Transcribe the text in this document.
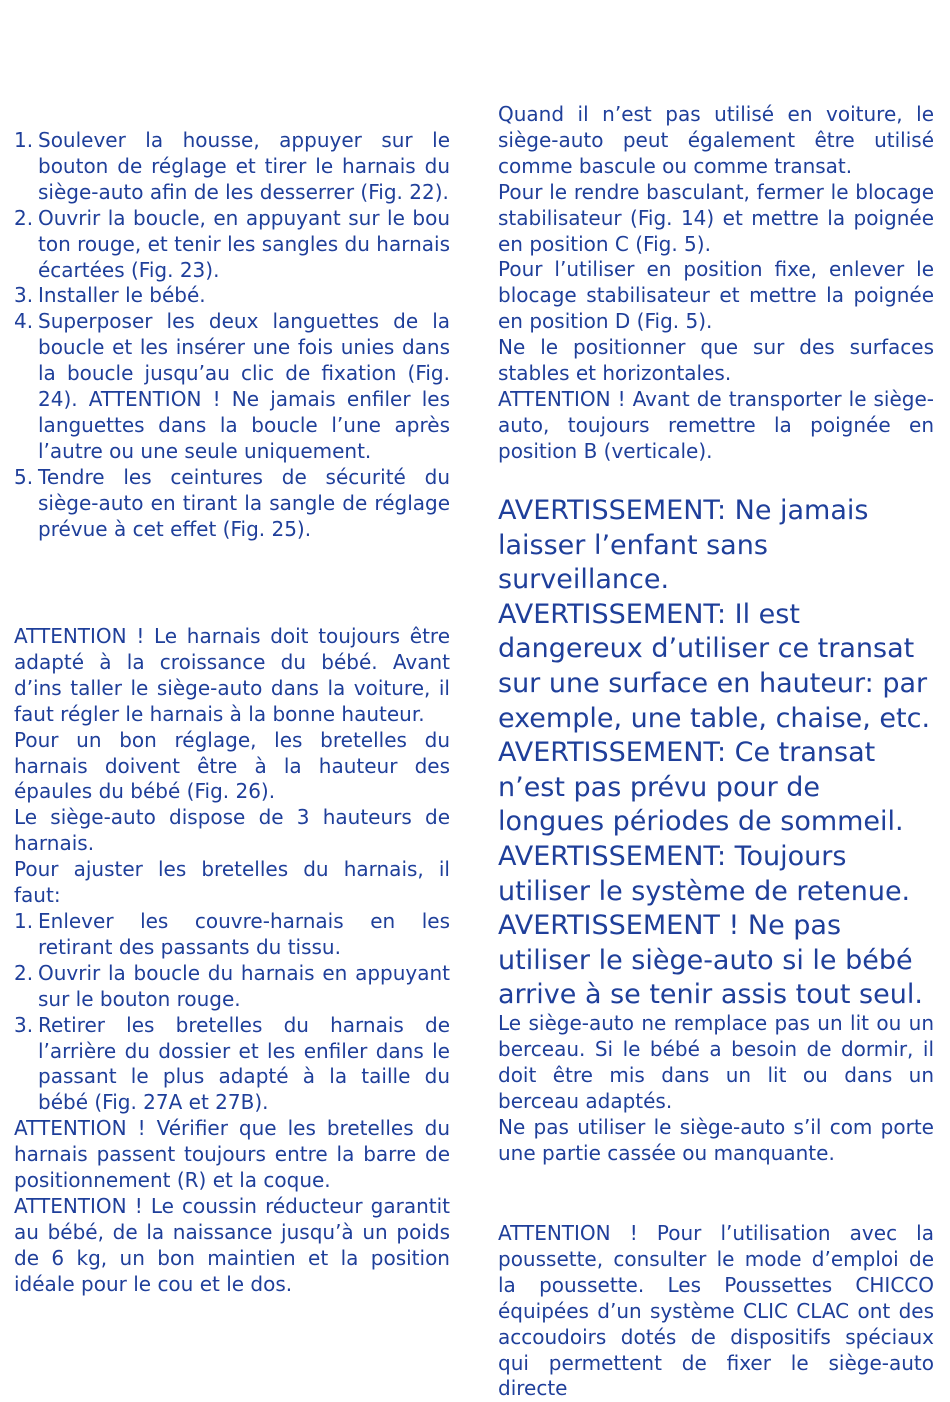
1. Soulever la housse, appuyer sur le bouton de réglage et tirer le harnais du siège-auto afin de les desserrer (Fig. 22).
2. Ouvrir la boucle, en appuyant sur le bou ton rouge, et tenir les sangles du harnais écartées (Fig. 23).
3. Installer le bébé.
4. Superposer les deux languettes de la boucle et les insérer une fois unies dans la boucle jusqu’au clic de fixation (Fig. 24). ATTENTION ! Ne jamais enfiler les languettes dans la boucle l’une après l’autre ou une seule uniquement.
5. Tendre les ceintures de sécurité du siège-auto en tirant la sangle de réglage prévue à cet effet (Fig. 25).

ATTENTION ! Le harnais doit toujours être adapté à la croissance du bébé. Avant d’ins taller le siège-auto dans la voiture, il faut régler le harnais à la bonne hauteur.

Pour un bon réglage, les bretelles du harnais doivent être à la hauteur des épaules du bébé (Fig. 26).

Le siège-auto dispose de 3 hauteurs de harnais.

Pour ajuster les bretelles du harnais, il faut:

1. Enlever les couvre-harnais en les retirant des passants du tissu.
2. Ouvrir la boucle du harnais en appuyant sur le bouton rouge.
3. Retirer les bretelles du harnais de l’arrière du dossier et les enfiler dans le passant le plus adapté à la taille du bébé (Fig. 27A et 27B).

ATTENTION ! Vérifier que les bretelles du harnais passent toujours entre la barre de positionnement (R) et la coque.

ATTENTION ! Le coussin réducteur garantit au bébé, de la naissance jusqu’à un poids de 6 kg, un bon maintien et la position idéale pour le cou et le dos.

Quand il n’est pas utilisé en voiture, le siège-auto peut également être utilisé comme bascule ou comme transat.

Pour le rendre basculant, fermer le blocage stabilisateur (Fig. 14) et mettre la poignée en position C (Fig. 5).

Pour l’utiliser en position fixe, enlever le blocage stabilisateur et mettre la poignée en position D (Fig. 5).

Ne le positionner que sur des surfaces stables et horizontales.

ATTENTION ! Avant de transporter le siège-auto, toujours remettre la poignée en position B (verticale).

AVERTISSEMENT: Ne jamais laisser l’enfant sans surveillance.

AVERTISSEMENT: Il est dangereux d’utiliser ce transat sur une surface en hauteur: par exemple, une table, chaise, etc.

AVERTISSEMENT: Ce transat n’est pas prévu pour de longues périodes de sommeil.

AVERTISSEMENT: Toujours utiliser le système de retenue.

AVERTISSEMENT ! Ne pas utiliser le siège-auto si le bébé arrive à se tenir assis tout seul.

Le siège-auto ne remplace pas un lit ou un berceau. Si le bébé a besoin de dormir, il doit être mis dans un lit ou dans un berceau adaptés.

Ne pas utiliser le siège-auto s’il com porte une partie cassée ou manquante.

ATTENTION ! Pour l’utilisation avec la poussette, consulter le mode d’emploi de la poussette. Les Poussettes CHICCO équipées d’un système CLIC CLAC ont des accoudoirs dotés de dispositifs spéciaux qui permettent de fixer le siège-auto directe
